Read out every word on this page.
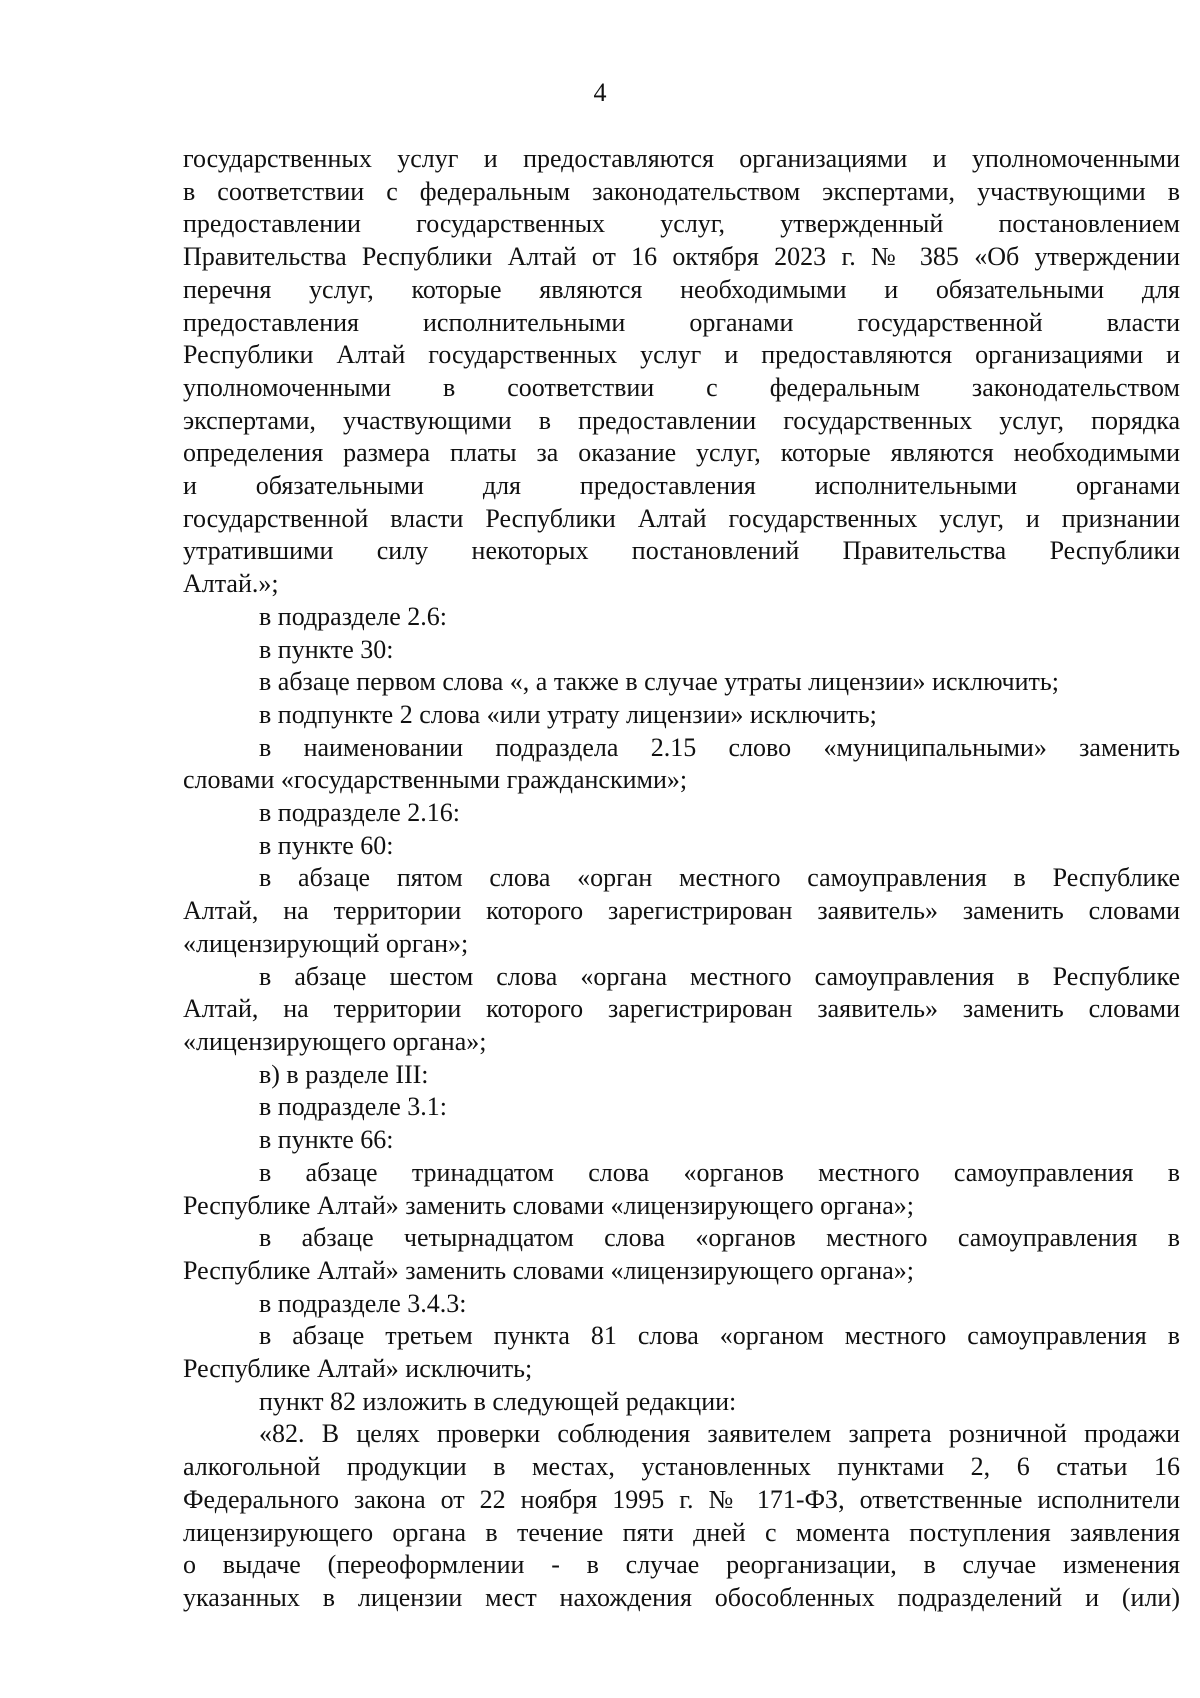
4

государственных услуг и предоставляются организациями и уполномоченными

в соответствии с федеральным законодательством экспертами, участвующими в

предоставлении государственных услуг, утвержденный постановлением

Правительства Республики Алтай от 16 октября 2023 г. № 385 «Об утверждении

перечня услуг, которые являются необходимыми и обязательными для

предоставления исполнительными органами государственной власти

Республики Алтай государственных услуг и предоставляются организациями и

уполномоченными в соответствии с федеральным законодательством

экспертами, участвующими в предоставлении государственных услуг, порядка

определения размера платы за оказание услуг, которые являются необходимыми

и обязательными для предоставления исполнительными органами

государственной власти Республики Алтай государственных услуг, и признании

утратившими силу некоторых постановлений Правительства Республики

Алтай.»;

в подразделе 2.6:

в пункте 30:

в абзаце первом слова «, а также в случае утраты лицензии» исключить;

в подпункте 2 слова «или утрату лицензии» исключить;

в наименовании подраздела 2.15 слово «муниципальными» заменить

словами «государственными гражданскими»;

в подразделе 2.16:

в пункте 60:

в абзаце пятом слова «орган местного самоуправления в Республике

Алтай, на территории которого зарегистрирован заявитель» заменить словами

«лицензирующий орган»;

в абзаце шестом слова «органа местного самоуправления в Республике

Алтай, на территории которого зарегистрирован заявитель» заменить словами

«лицензирующего органа»;

в) в разделе III:

в подразделе 3.1:

в пункте 66:

в абзаце тринадцатом слова «органов местного самоуправления в

Республике Алтай» заменить словами «лицензирующего органа»;

в абзаце четырнадцатом слова «органов местного самоуправления в

Республике Алтай» заменить словами «лицензирующего органа»;

в подразделе 3.4.3:

в абзаце третьем пункта 81 слова «органом местного самоуправления в

Республике Алтай» исключить;

пункт 82 изложить в следующей редакции:

«82. В целях проверки соблюдения заявителем запрета розничной продажи

алкогольной продукции в местах, установленных пунктами 2, 6 статьи 16

Федерального закона от 22 ноября 1995 г. № 171-ФЗ, ответственные исполнители

лицензирующего органа в течение пяти дней с момента поступления заявления

о выдаче (переоформлении - в случае реорганизации, в случае изменения

указанных в лицензии мест нахождения обособленных подразделений и (или)
